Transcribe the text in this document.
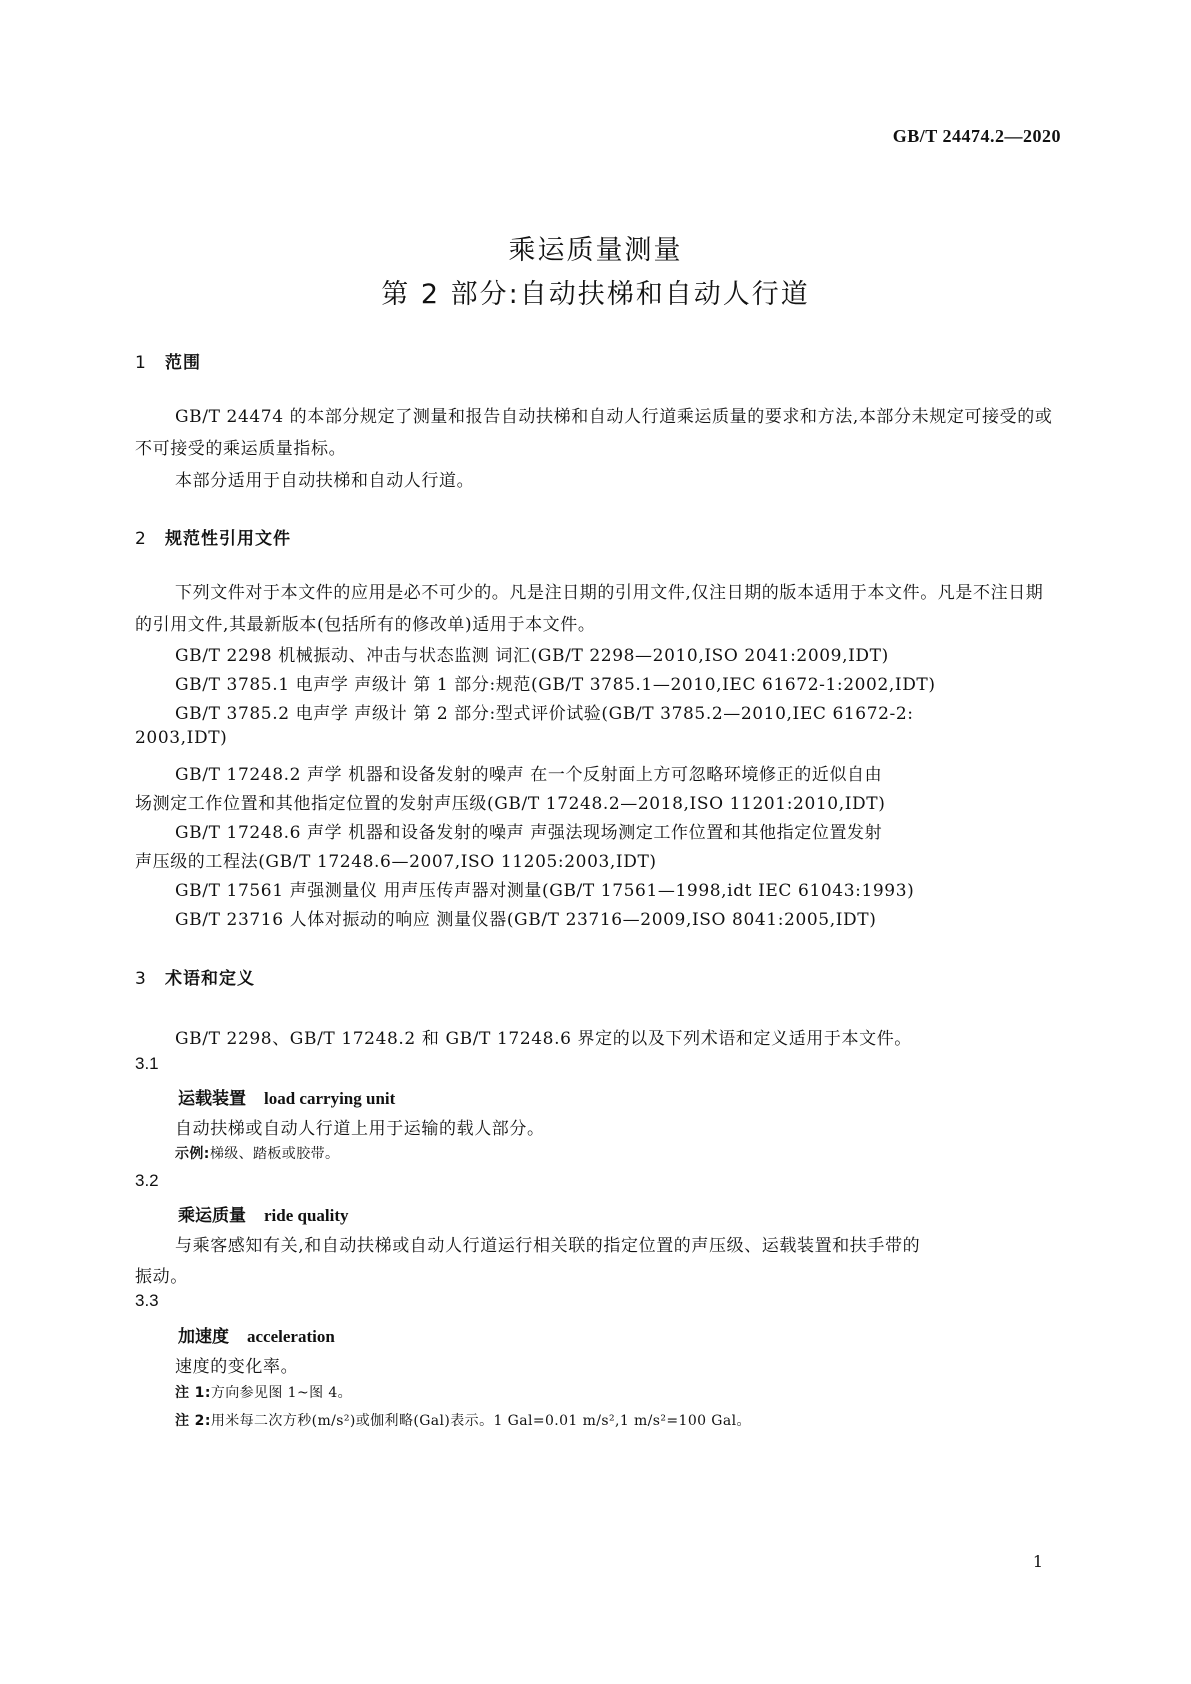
GB/T 24474.2—2020
乘运质量测量
第 2 部分:自动扶梯和自动人行道
1 范围

GB/T 24474 的本部分规定了测量和报告自动扶梯和自动人行道乘运质量的要求和方法,本部分未规定可接受的或不可接受的乘运质量指标。

本部分适用于自动扶梯和自动人行道。

2 规范性引用文件

下列文件对于本文件的应用是必不可少的。凡是注日期的引用文件,仅注日期的版本适用于本文件。凡是不注日期的引用文件,其最新版本(包括所有的修改单)适用于本文件。

GB/T 2298 机械振动、冲击与状态监测 词汇(GB/T 2298—2010,ISO 2041:2009,IDT)
GB/T 3785.1 电声学 声级计 第 1 部分:规范(GB/T 3785.1—2010,IEC 61672-1:2002,IDT)
GB/T 3785.2 电声学 声级计 第 2 部分:型式评价试验(GB/T 3785.2—2010,IEC 61672-2:
2003,IDT)
GB/T 17248.2 声学 机器和设备发射的噪声 在一个反射面上方可忽略环境修正的近似自由
场测定工作位置和其他指定位置的发射声压级(GB/T 17248.2—2018,ISO 11201:2010,IDT)
GB/T 17248.6 声学 机器和设备发射的噪声 声强法现场测定工作位置和其他指定位置发射
声压级的工程法(GB/T 17248.6—2007,ISO 11205:2003,IDT)
GB/T 17561 声强测量仪 用声压传声器对测量(GB/T 17561—1998,idt IEC 61043:1993)
GB/T 23716 人体对振动的响应 测量仪器(GB/T 23716—2009,ISO 8041:2005,IDT)
3 术语和定义
GB/T 2298、GB/T 17248.2 和 GB/T 17248.6 界定的以及下列术语和定义适用于本文件。
3.1
运载装置 load carrying unit
自动扶梯或自动人行道上用于运输的载人部分。
示例:梯级、踏板或胶带。
3.2
乘运质量 ride quality
与乘客感知有关,和自动扶梯或自动人行道运行相关联的指定位置的声压级、运载装置和扶手带的
振动。
3.3
加速度 acceleration
速度的变化率。
注 1:方向参见图 1~图 4。
注 2:用米每二次方秒(m/s²)或伽利略(Gal)表示。1 Gal=0.01 m/s²,1 m/s²=100 Gal。
1
